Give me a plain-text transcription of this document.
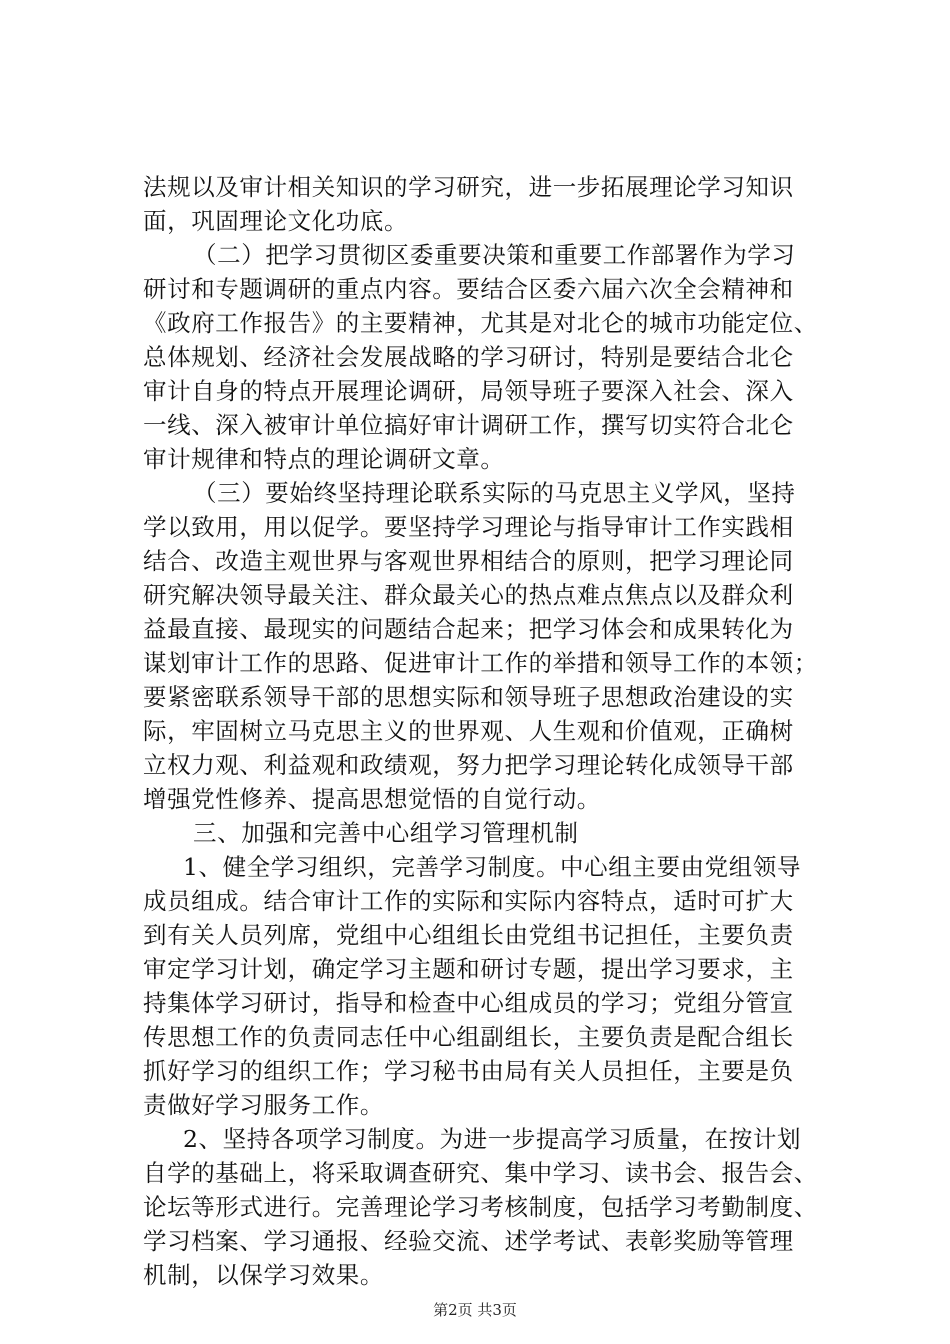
法规以及审计相关知识的学习研究，进一步拓展理论学习知识
面，巩固理论文化功底。
（二）把学习贯彻区委重要决策和重要工作部署作为学习
研讨和专题调研的重点内容。要结合区委六届六次全会精神和
《政府工作报告》的主要精神，尤其是对北仑的城市功能定位、
总体规划、经济社会发展战略的学习研讨，特别是要结合北仑
审计自身的特点开展理论调研，局领导班子要深入社会、深入
一线、深入被审计单位搞好审计调研工作，撰写切实符合北仑
审计规律和特点的理论调研文章。
（三）要始终坚持理论联系实际的马克思主义学风，坚持
学以致用，用以促学。要坚持学习理论与指导审计工作实践相
结合、改造主观世界与客观世界相结合的原则，把学习理论同
研究解决领导最关注、群众最关心的热点难点焦点以及群众利
益最直接、最现实的问题结合起来；把学习体会和成果转化为
谋划审计工作的思路、促进审计工作的举措和领导工作的本领；
要紧密联系领导干部的思想实际和领导班子思想政治建设的实
际，牢固树立马克思主义的世界观、人生观和价值观，正确树
立权力观、利益观和政绩观，努力把学习理论转化成领导干部
增强党性修养、提高思想觉悟的自觉行动。
三、加强和完善中心组学习管理机制
1、健全学习组织，完善学习制度。中心组主要由党组领导
成员组成。结合审计工作的实际和实际内容特点，适时可扩大
到有关人员列席，党组中心组组长由党组书记担任，主要负责
审定学习计划，确定学习主题和研讨专题，提出学习要求，主
持集体学习研讨，指导和检查中心组成员的学习；党组分管宣
传思想工作的负责同志任中心组副组长，主要负责是配合组长
抓好学习的组织工作；学习秘书由局有关人员担任，主要是负
责做好学习服务工作。
2、坚持各项学习制度。为进一步提高学习质量，在按计划
自学的基础上，将采取调查研究、集中学习、读书会、报告会、
论坛等形式进行。完善理论学习考核制度，包括学习考勤制度、
学习档案、学习通报、经验交流、述学考试、表彰奖励等管理
机制，以保学习效果。
第2页 共3页
